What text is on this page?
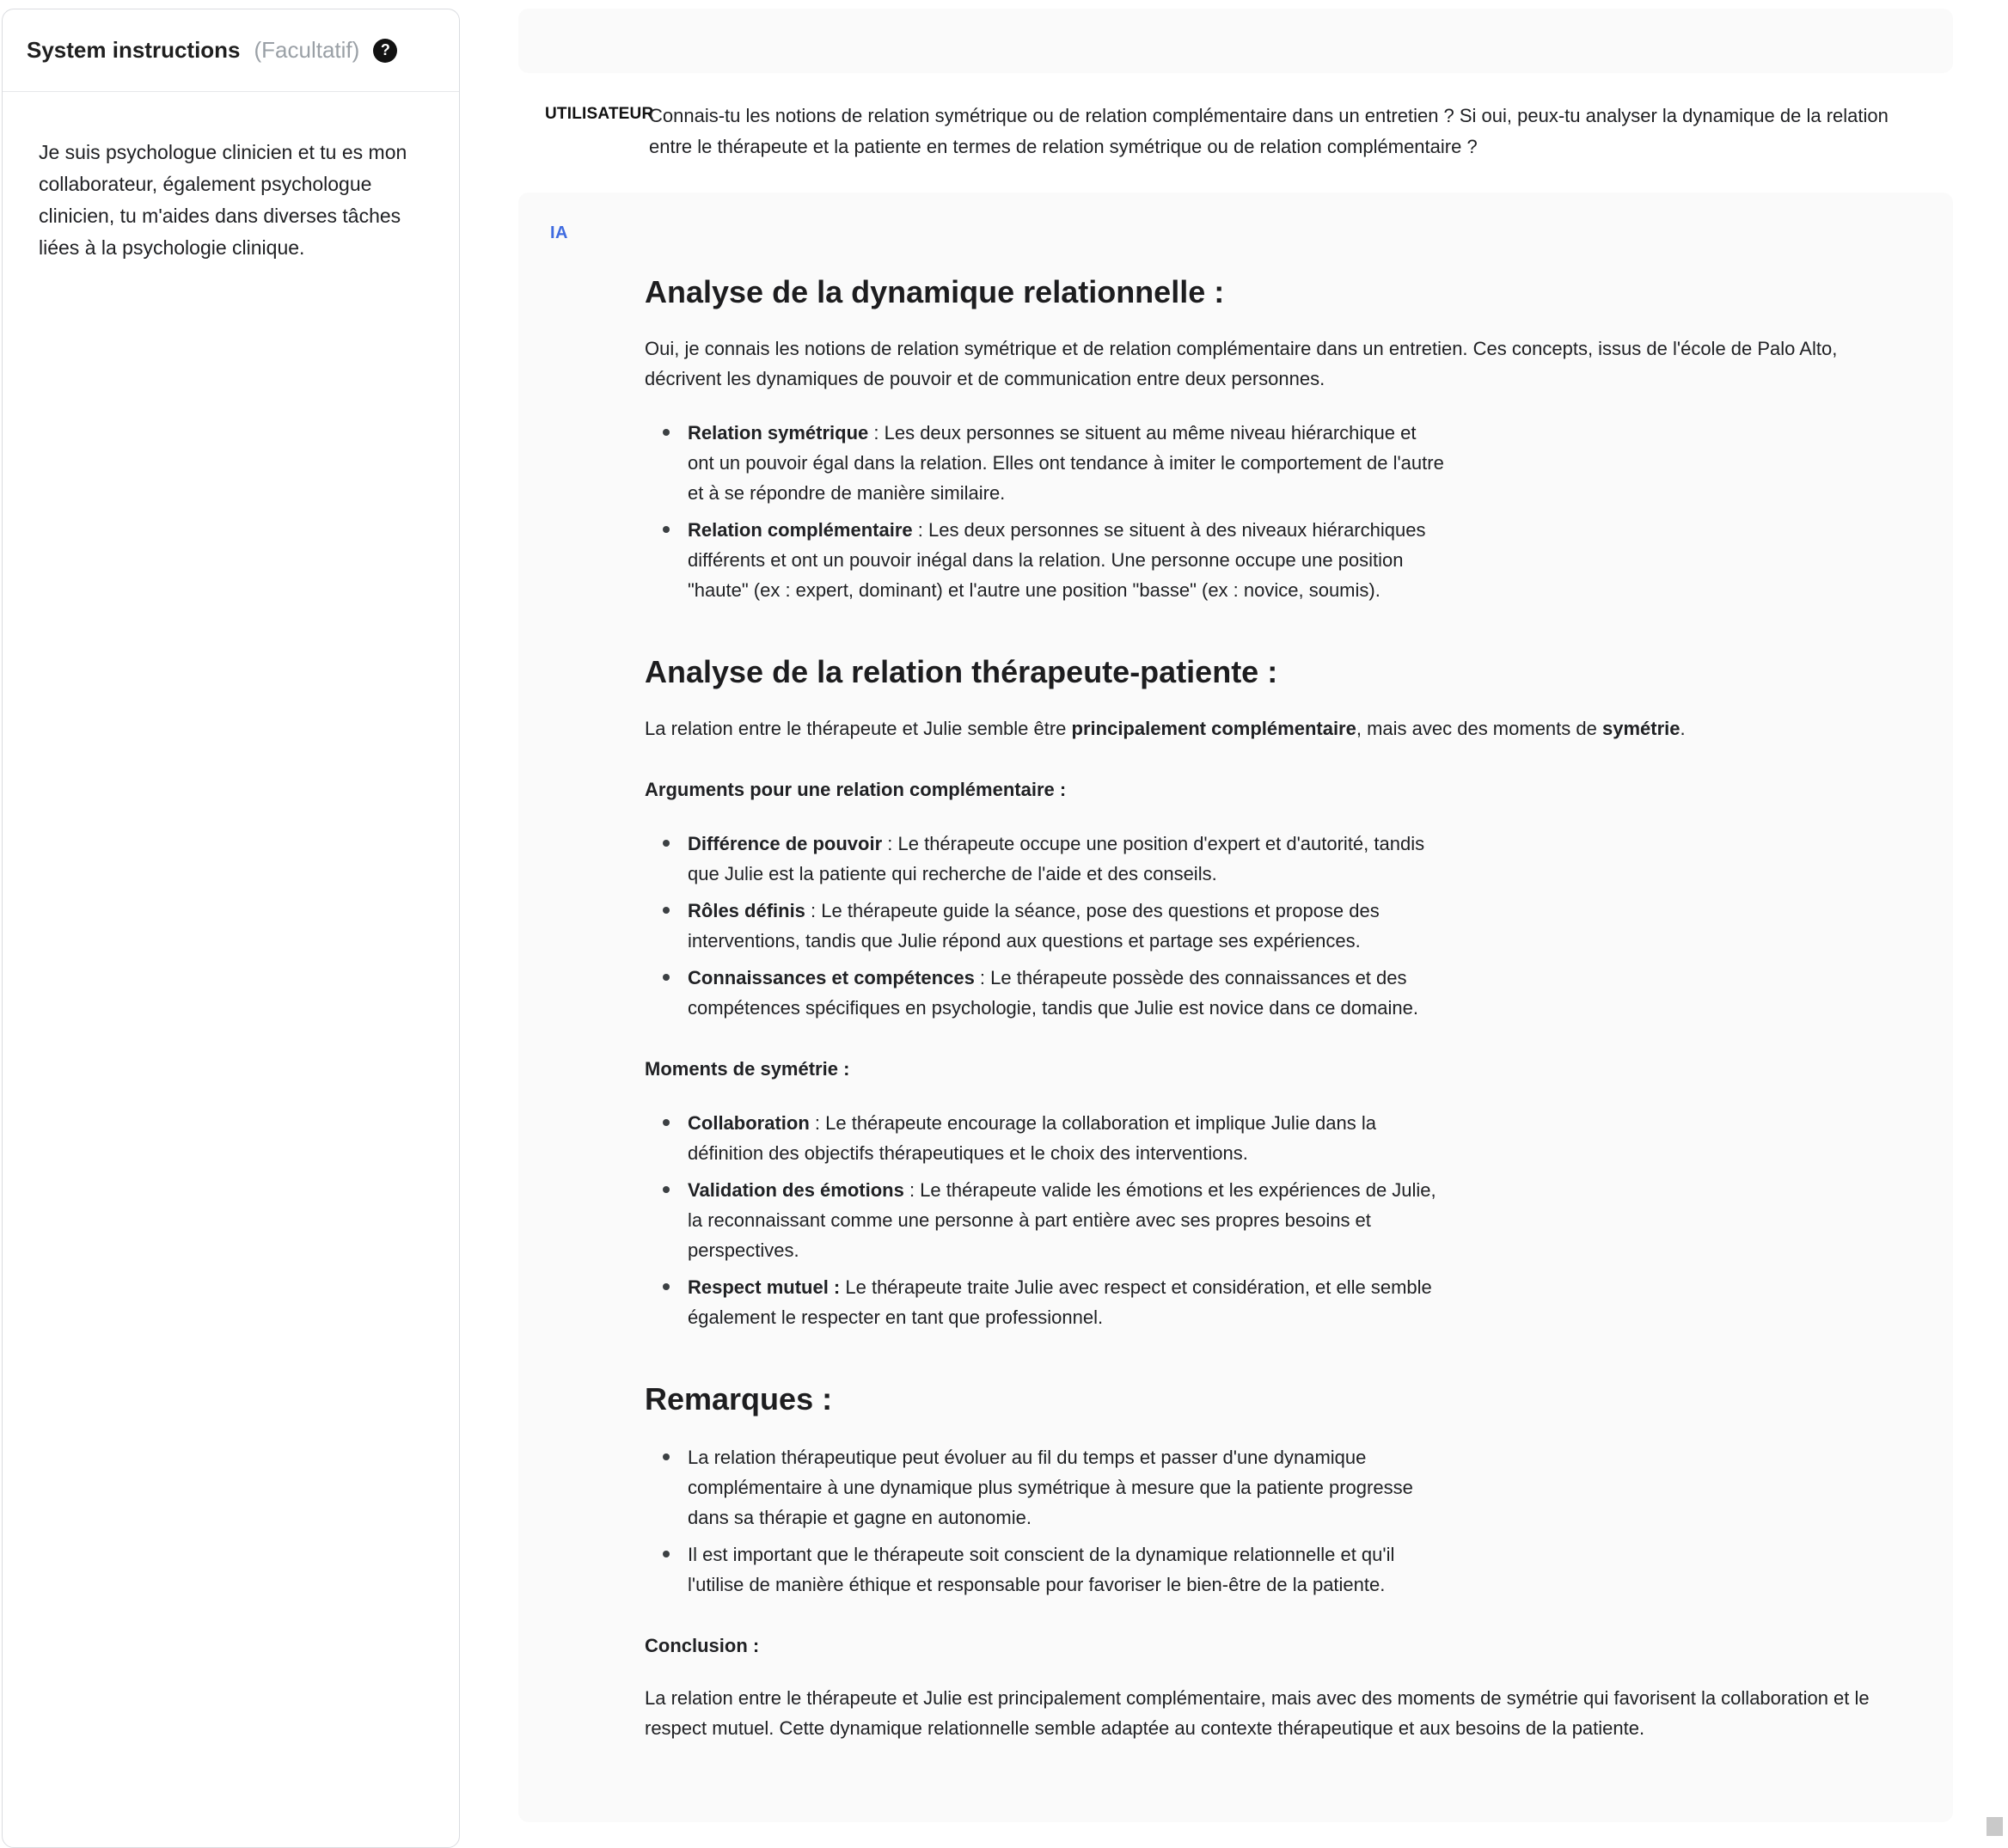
System instructions (Facultatif)	?
Je suis psychologue clinicien et tu es mon collaborateur, également psychologue clinicien, tu m'aides dans diverses tâches liées à la psychologie clinique.
UTILISATEUR
Connais-tu les notions de relation symétrique ou de relation complémentaire dans un entretien ? Si oui, peux-tu analyser la dynamique de la relation entre le thérapeute et la patiente en termes de relation symétrique ou de relation complémentaire ?
IA
Analyse de la dynamique relationnelle :

Oui, je connais les notions de relation symétrique et de relation complémentaire dans un entretien. Ces concepts, issus de l'école de Palo Alto, décrivent les dynamiques de pouvoir et de communication entre deux personnes.

Relation symétrique : Les deux personnes se situent au même niveau hiérarchique et ont un pouvoir égal dans la relation. Elles ont tendance à imiter le comportement de l'autre et à se répondre de manière similaire.
Relation complémentaire : Les deux personnes se situent à des niveaux hiérarchiques différents et ont un pouvoir inégal dans la relation. Une personne occupe une position "haute" (ex : expert, dominant) et l'autre une position "basse" (ex : novice, soumis).
Analyse de la relation thérapeute-patiente :

La relation entre le thérapeute et Julie semble être principalement complémentaire, mais avec des moments de symétrie.

Arguments pour une relation complémentaire :

Différence de pouvoir : Le thérapeute occupe une position d'expert et d'autorité, tandis que Julie est la patiente qui recherche de l'aide et des conseils.
Rôles définis : Le thérapeute guide la séance, pose des questions et propose des interventions, tandis que Julie répond aux questions et partage ses expériences.
Connaissances et compétences : Le thérapeute possède des connaissances et des compétences spécifiques en psychologie, tandis que Julie est novice dans ce domaine.

Moments de symétrie :

Collaboration : Le thérapeute encourage la collaboration et implique Julie dans la définition des objectifs thérapeutiques et le choix des interventions.
Validation des émotions : Le thérapeute valide les émotions et les expériences de Julie, la reconnaissant comme une personne à part entière avec ses propres besoins et perspectives.
Respect mutuel : Le thérapeute traite Julie avec respect et considération, et elle semble également le respecter en tant que professionnel.
Remarques :
La relation thérapeutique peut évoluer au fil du temps et passer d'une dynamique complémentaire à une dynamique plus symétrique à mesure que la patiente progresse dans sa thérapie et gagne en autonomie.
Il est important que le thérapeute soit conscient de la dynamique relationnelle et qu'il l'utilise de manière éthique et responsable pour favoriser le bien-être de la patiente.

Conclusion :

La relation entre le thérapeute et Julie est principalement complémentaire, mais avec des moments de symétrie qui favorisent la collaboration et le respect mutuel. Cette dynamique relationnelle semble adaptée au contexte thérapeutique et aux besoins de la patiente.
